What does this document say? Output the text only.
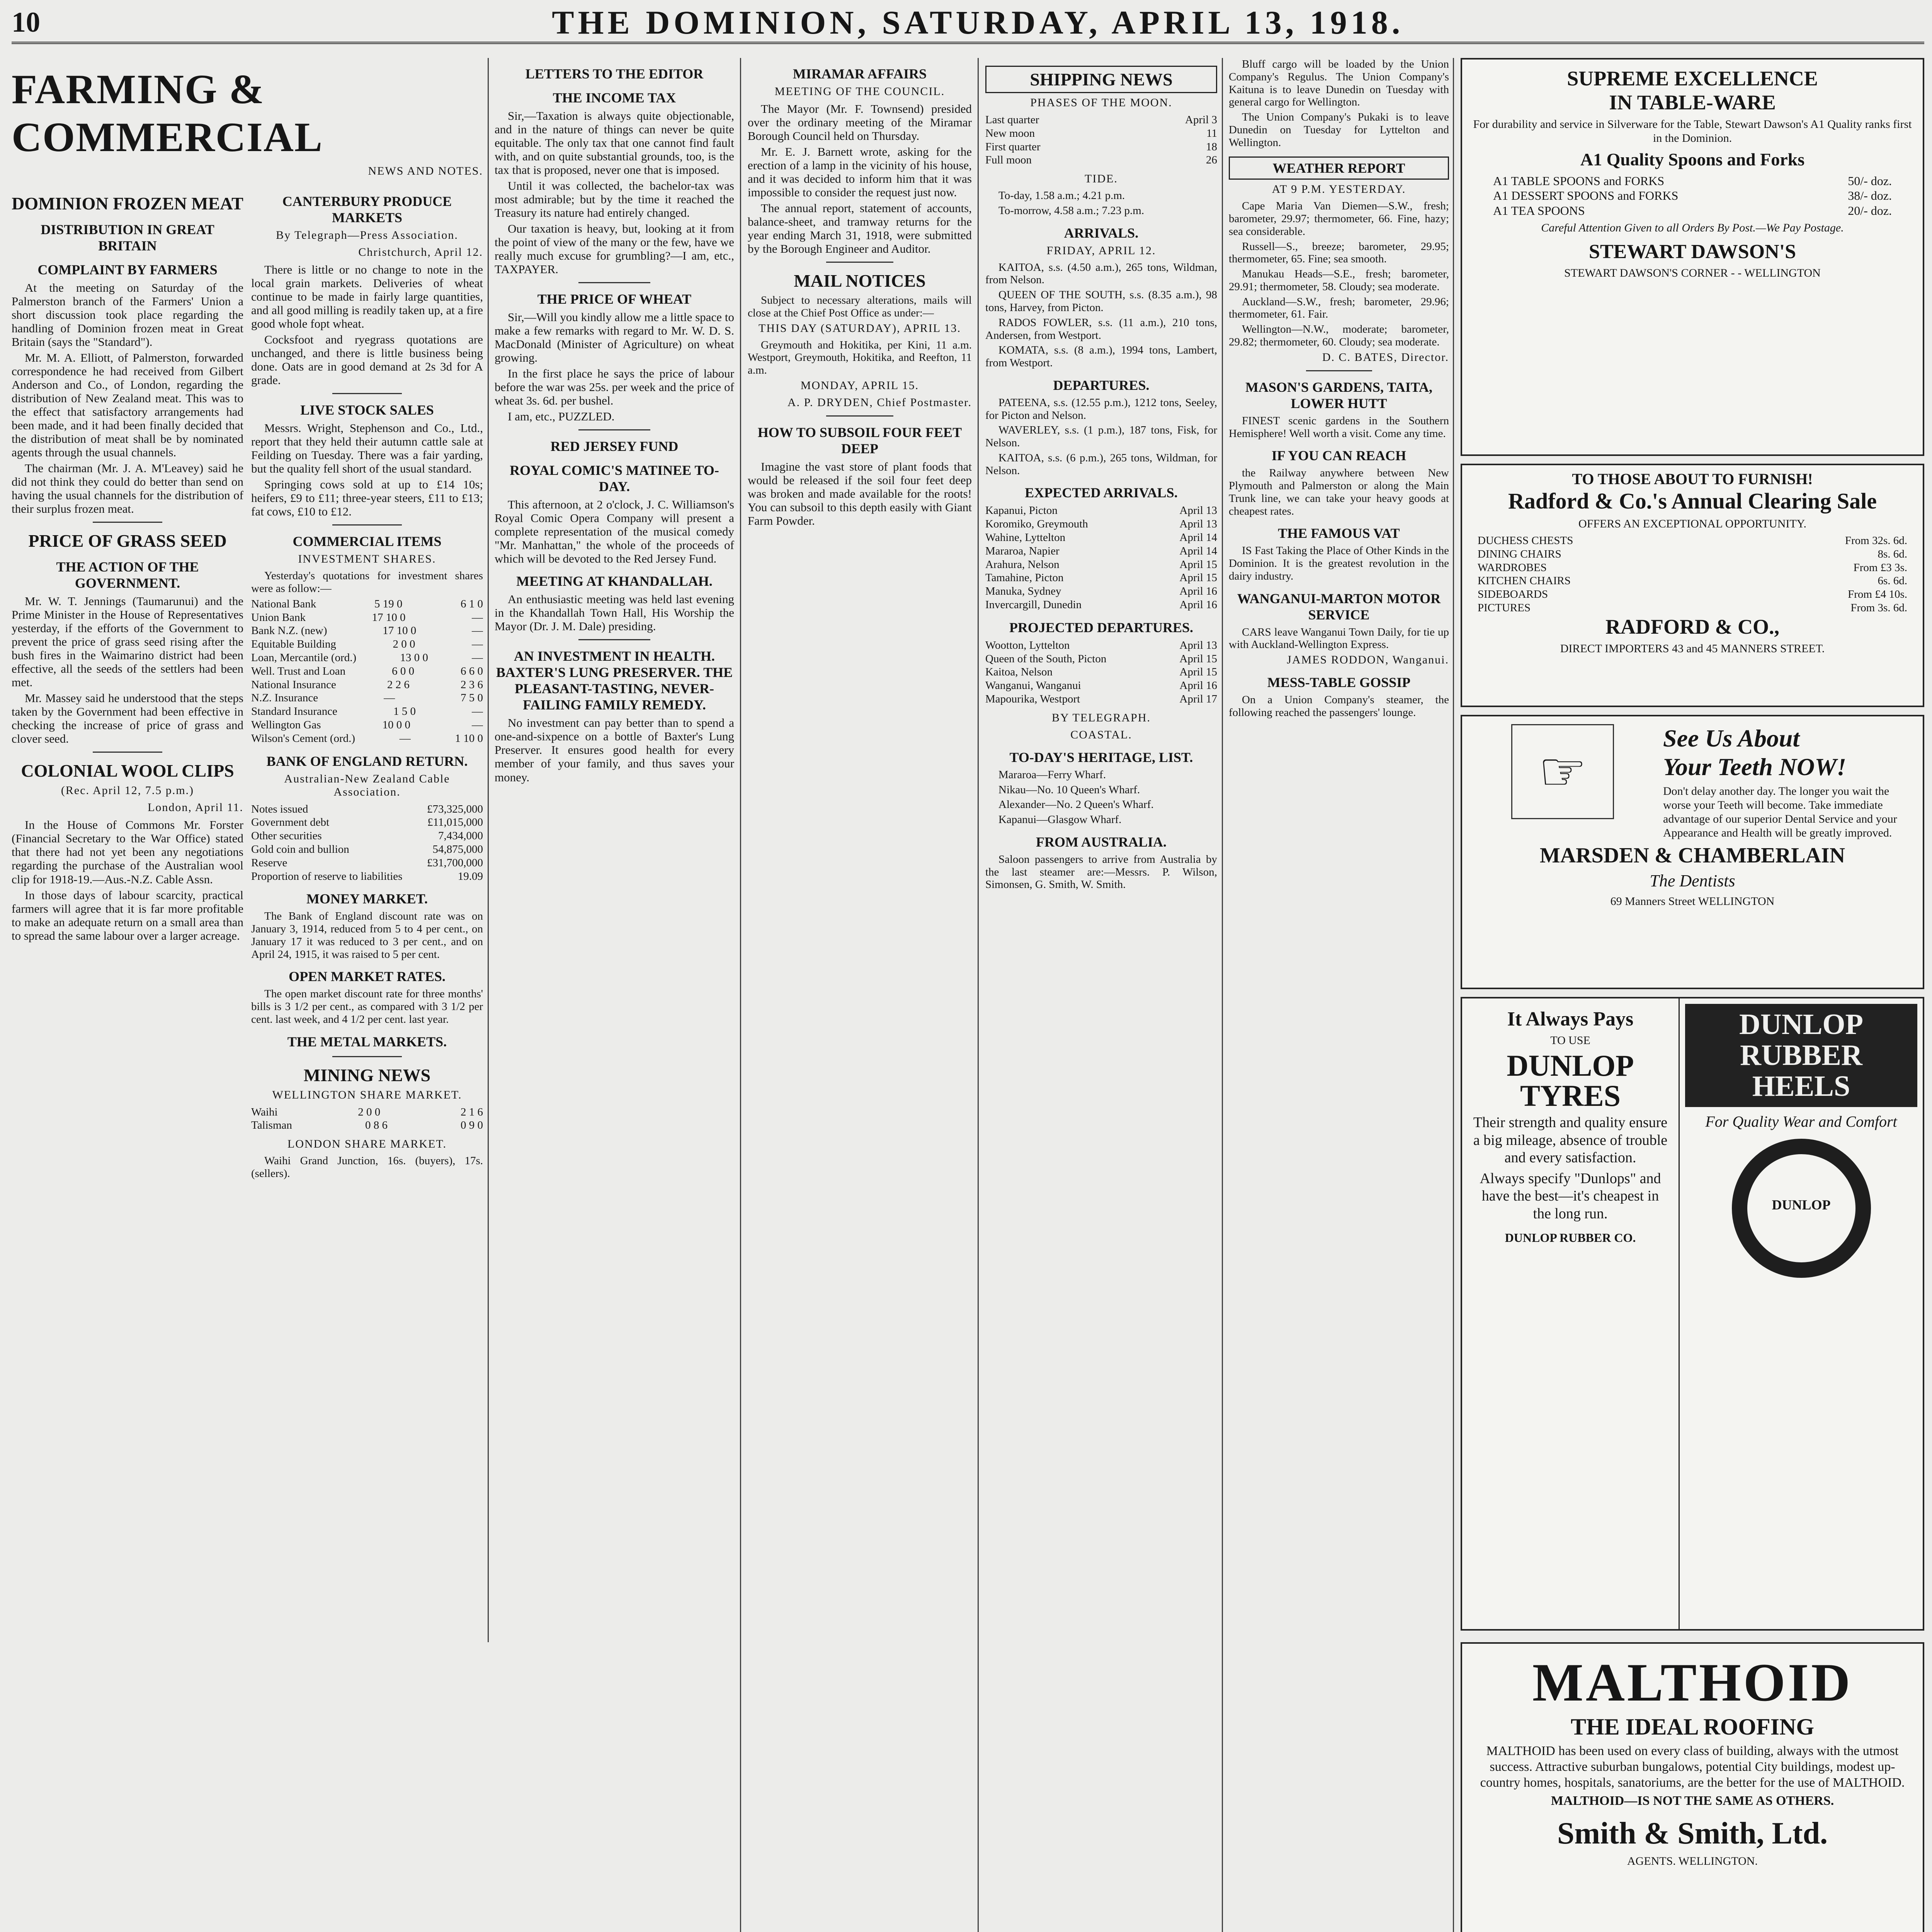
10	THE DOMINION, SATURDAY, APRIL 13, 1918.

FARMING & COMMERCIAL
NEWS AND NOTES.
DOMINION FROZEN MEAT
DISTRIBUTION IN GREAT BRITAIN
COMPLAINT BY FARMERS

At the meeting on Saturday of the Palmerston branch of the Farmers' Union a short discussion took place regarding the handling of Dominion frozen meat in Great Britain (says the "Standard").

Mr. M. A. Elliott, of Palmerston, forwarded correspondence he had received from Gilbert Anderson and Co., of London, regarding the distribution of New Zealand meat. This was to the effect that satisfactory arrangements had been made, and it had been finally decided that the distribution of meat shall be by nominated agents through the usual channels.

The chairman (Mr. J. A. M'Leavey) said he did not think they could do better than send on having the usual channels for the distribution of their surplus frozen meat.

PRICE OF GRASS SEED
THE ACTION OF THE GOVERNMENT.

Mr. W. T. Jennings (Taumarunui) and the Prime Minister in the House of Representatives yesterday, if the efforts of the Government to prevent the price of grass seed rising after the bush fires in the Waimarino district had been effective, all the seeds of the settlers had been met.

Mr. Massey said he understood that the steps taken by the Government had been effective in checking the increase of price of grass and clover seed.

COLONIAL WOOL CLIPS
(Rec. April 12, 7.5 p.m.)
London, April 11.

In the House of Commons Mr. Forster (Financial Secretary to the War Office) stated that there had not yet been any negotiations regarding the purchase of the Australian wool clip for 1918-19.—Aus.-N.Z. Cable Assn.

In those days of labour scarcity, practical farmers will agree that it is far more profitable to make an adequate return on a small area than to spread the same labour over a larger acreage.

CANTERBURY PRODUCE MARKETS
By Telegraph—Press Association.
Christchurch, April 12.

There is little or no change to note in the local grain markets. Deliveries of wheat continue to be made in fairly large quantities, and all good milling is readily taken up, at a fire good whole fopt wheat.

Cocksfoot and ryegrass quotations are unchanged, and there is little business being done. Oats are in good demand at 2s 3d for A grade.

LIVE STOCK SALES

Messrs. Wright, Stephenson and Co., Ltd., report that they held their autumn cattle sale at Feilding on Tuesday. There was a fair yarding, but the quality fell short of the usual standard.

Springing cows sold at up to £14 10s; heifers, £9 to £11; three-year steers, £11 to £13; fat cows, £10 to £12.

COMMERCIAL ITEMS
INVESTMENT SHARES.

Yesterday's quotations for investment shares were as follow:—

National Bank	5 19 0	6 1 0
Union Bank	17 10 0	—
Bank N.Z. (new)	17 10 0	—
Equitable Building	2 0 0	—
Loan, Mercantile (ord.)	13 0 0	—
Well. Trust and Loan	6 0 0	6 6 0
National Insurance	2 2 6	2 3 6
N.Z. Insurance	—	7 5 0
Standard Insurance	1 5 0	—
Wellington Gas	10 0 0	—
Wilson's Cement (ord.)	—	1 10 0
BANK OF ENGLAND RETURN.
Australian-New Zealand Cable Association.
Notes issued	£73,325,000
Government debt	£11,015,000
Other securities	7,434,000
Gold coin and bullion	54,875,000
Reserve	£31,700,000
Proportion of reserve to liabilities	19.09
MONEY MARKET.

The Bank of England discount rate was on January 3, 1914, reduced from 5 to 4 per cent., on January 17 it was reduced to 3 per cent., and on April 24, 1915, it was raised to 5 per cent.

OPEN MARKET RATES.

The open market discount rate for three months' bills is 3 1/2 per cent., as compared with 3 1/2 per cent. last week, and 4 1/2 per cent. last year.

THE METAL MARKETS.
MINING NEWS
WELLINGTON SHARE MARKET.
Waihi	2 0 0	2 1 6
Talisman	0 8 6	0 9 0
LONDON SHARE MARKET.

Waihi Grand Junction, 16s. (buyers), 17s. (sellers).

LETTERS TO THE EDITOR
THE INCOME TAX

Sir,—Taxation is always quite objectionable, and in the nature of things can never be quite equitable. The only tax that one cannot find fault with, and on quite substantial grounds, too, is the tax that is proposed, never one that is imposed.

Until it was collected, the bachelor-tax was most admirable; but by the time it reached the Treasury its nature had entirely changed.

Our taxation is heavy, but, looking at it from the point of view of the many or the few, have we really much excuse for grumbling?—I am, etc., TAXPAYER.

THE PRICE OF WHEAT

Sir,—Will you kindly allow me a little space to make a few remarks with regard to Mr. W. D. S. MacDonald (Minister of Agriculture) on wheat growing.

In the first place he says the price of labour before the war was 25s. per week and the price of wheat 3s. 6d. per bushel.

I am, etc., PUZZLED.

RED JERSEY FUND
ROYAL COMIC'S MATINEE TO-DAY.

This afternoon, at 2 o'clock, J. C. Williamson's Royal Comic Opera Company will present a complete representation of the musical comedy "Mr. Manhattan," the whole of the proceeds of which will be devoted to the Red Jersey Fund.

MEETING AT KHANDALLAH.

An enthusiastic meeting was held last evening in the Khandallah Town Hall, His Worship the Mayor (Dr. J. M. Dale) presiding.

AN INVESTMENT IN HEALTH. BAXTER'S LUNG PRESERVER. THE PLEASANT-TASTING, NEVER-FAILING FAMILY REMEDY.

No investment can pay better than to spend a one-and-sixpence on a bottle of Baxter's Lung Preserver. It ensures good health for every member of your family, and thus saves your money.

MIRAMAR AFFAIRS
MEETING OF THE COUNCIL.

The Mayor (Mr. F. Townsend) presided over the ordinary meeting of the Miramar Borough Council held on Thursday.

Mr. E. J. Barnett wrote, asking for the erection of a lamp in the vicinity of his house, and it was decided to inform him that it was impossible to consider the request just now.

The annual report, statement of accounts, balance-sheet, and tramway returns for the year ending March 31, 1918, were submitted by the Borough Engineer and Auditor.

MAIL NOTICES

Subject to necessary alterations, mails will close at the Chief Post Office as under:—

THIS DAY (SATURDAY), APRIL 13.

Greymouth and Hokitika, per Kini, 11 a.m. Westport, Greymouth, Hokitika, and Reefton, 11 a.m.

MONDAY, APRIL 15.
A. P. DRYDEN, Chief Postmaster.
HOW TO SUBSOIL FOUR FEET DEEP

Imagine the vast store of plant foods that would be released if the soil four feet deep was broken and made available for the roots! You can subsoil to this depth easily with Giant Farm Powder.

SHIPPING NEWS
PHASES OF THE MOON.
Last quarter	April 3
New moon	11
First quarter	18
Full moon	26
TIDE.

To-day, 1.58 a.m.; 4.21 p.m.

To-morrow, 4.58 a.m.; 7.23 p.m.

ARRIVALS.
FRIDAY, APRIL 12.

KAITOA, s.s. (4.50 a.m.), 265 tons, Wildman, from Nelson.

QUEEN OF THE SOUTH, s.s. (8.35 a.m.), 98 tons, Harvey, from Picton.

RADOS FOWLER, s.s. (11 a.m.), 210 tons, Andersen, from Westport.

KOMATA, s.s. (8 a.m.), 1994 tons, Lambert, from Westport.

DEPARTURES.

PATEENA, s.s. (12.55 p.m.), 1212 tons, Seeley, for Picton and Nelson.

WAVERLEY, s.s. (1 p.m.), 187 tons, Fisk, for Nelson.

KAITOA, s.s. (6 p.m.), 265 tons, Wildman, for Nelson.

EXPECTED ARRIVALS.
Kapanui, Picton	April 13
Koromiko, Greymouth	April 13
Wahine, Lyttelton	April 14
Mararoa, Napier	April 14
Arahura, Nelson	April 15
Tamahine, Picton	April 15
Manuka, Sydney	April 16
Invercargill, Dunedin	April 16
PROJECTED DEPARTURES.
Wootton, Lyttelton	April 13
Queen of the South, Picton	April 15
Kaitoa, Nelson	April 15
Wanganui, Wanganui	April 16
Mapourika, Westport	April 17
BY TELEGRAPH.
COASTAL.
TO-DAY'S HERITAGE, LIST.

Mararoa—Ferry Wharf.

Nikau—No. 10 Queen's Wharf.

Alexander—No. 2 Queen's Wharf.

Kapanui—Glasgow Wharf.

FROM AUSTRALIA.

Saloon passengers to arrive from Australia by the last steamer are:—Messrs. P. Wilson, Simonsen, G. Smith, W. Smith.

Bluff cargo will be loaded by the Union Company's Regulus. The Union Company's Kaituna is to leave Dunedin on Tuesday with general cargo for Wellington.

The Union Company's Pukaki is to leave Dunedin on Tuesday for Lyttelton and Wellington.

WEATHER REPORT
AT 9 P.M. YESTERDAY.

Cape Maria Van Diemen—S.W., fresh; barometer, 29.97; thermometer, 66. Fine, hazy; sea considerable.

Russell—S., breeze; barometer, 29.95; thermometer, 65. Fine; sea smooth.

Manukau Heads—S.E., fresh; barometer, 29.91; thermometer, 58. Cloudy; sea moderate.

Auckland—S.W., fresh; barometer, 29.96; thermometer, 61. Fair.

Wellington—N.W., moderate; barometer, 29.82; thermometer, 60. Cloudy; sea moderate.

D. C. BATES, Director.
MASON'S GARDENS, TAITA, LOWER HUTT

FINEST scenic gardens in the Southern Hemisphere! Well worth a visit. Come any time.

IF YOU CAN REACH

the Railway anywhere between New Plymouth and Palmerston or along the Main Trunk line, we can take your heavy goods at cheapest rates.

THE FAMOUS VAT

IS Fast Taking the Place of Other Kinds in the Dominion. It is the greatest revolution in the dairy industry.

WANGANUI-MARTON MOTOR SERVICE

CARS leave Wanganui Town Daily, for tie up with Auckland-Wellington Express.

JAMES RODDON, Wanganui.
MESS-TABLE GOSSIP

On a Union Company's steamer, the following reached the passengers' lounge.

SUPREME EXCELLENCE
IN TABLE-WARE

For durability and service in Silverware for the Table, Stewart Dawson's A1 Quality ranks first in the Dominion.

A1 Quality Spoons and Forks
A1 TABLE SPOONS and FORKS	50/- doz.
A1 DESSERT SPOONS and FORKS	38/- doz.
A1 TEA SPOONS	20/- doz.

Careful Attention Given to all Orders By Post.—We Pay Postage.

STEWART DAWSON'S
STEWART DAWSON'S CORNER - - WELLINGTON
TO THOSE ABOUT TO FURNISH!
Radford & Co.'s Annual Clearing Sale
OFFERS AN EXCEPTIONAL OPPORTUNITY.
DUCHESS CHESTS	From 32s. 6d.
DINING CHAIRS	8s. 6d.
WARDROBES	From £3 3s.
KITCHEN CHAIRS	6s. 6d.
SIDEBOARDS	From £4 10s.
PICTURES	From 3s. 6d.
RADFORD & CO.,
DIRECT IMPORTERS 43 and 45 MANNERS STREET.
☞
See Us About
Your Teeth NOW!

Don't delay another day. The longer you wait the worse your Teeth will become. Take immediate advantage of our superior Dental Service and your Appearance and Health will be greatly improved.

MARSDEN & CHAMBERLAIN
The Dentists
69 Manners Street WELLINGTON
It Always Pays
TO USE
DUNLOP TYRES

Their strength and quality ensure a big mileage, absence of trouble and every satisfaction.

Always specify "Dunlops" and have the best—it's cheapest in the long run.

DUNLOP RUBBER CO.
DUNLOP RUBBER HEELS
For Quality Wear and Comfort
DUNLOP
MALTHOID
THE IDEAL ROOFING

MALTHOID has been used on every class of building, always with the utmost success. Attractive suburban bungalows, potential City buildings, modest up-country homes, hospitals, sanatoriums, are the better for the use of MALTHOID.

MALTHOID—IS NOT THE SAME AS OTHERS.
Smith & Smith, Ltd.
AGENTS. WELLINGTON.
